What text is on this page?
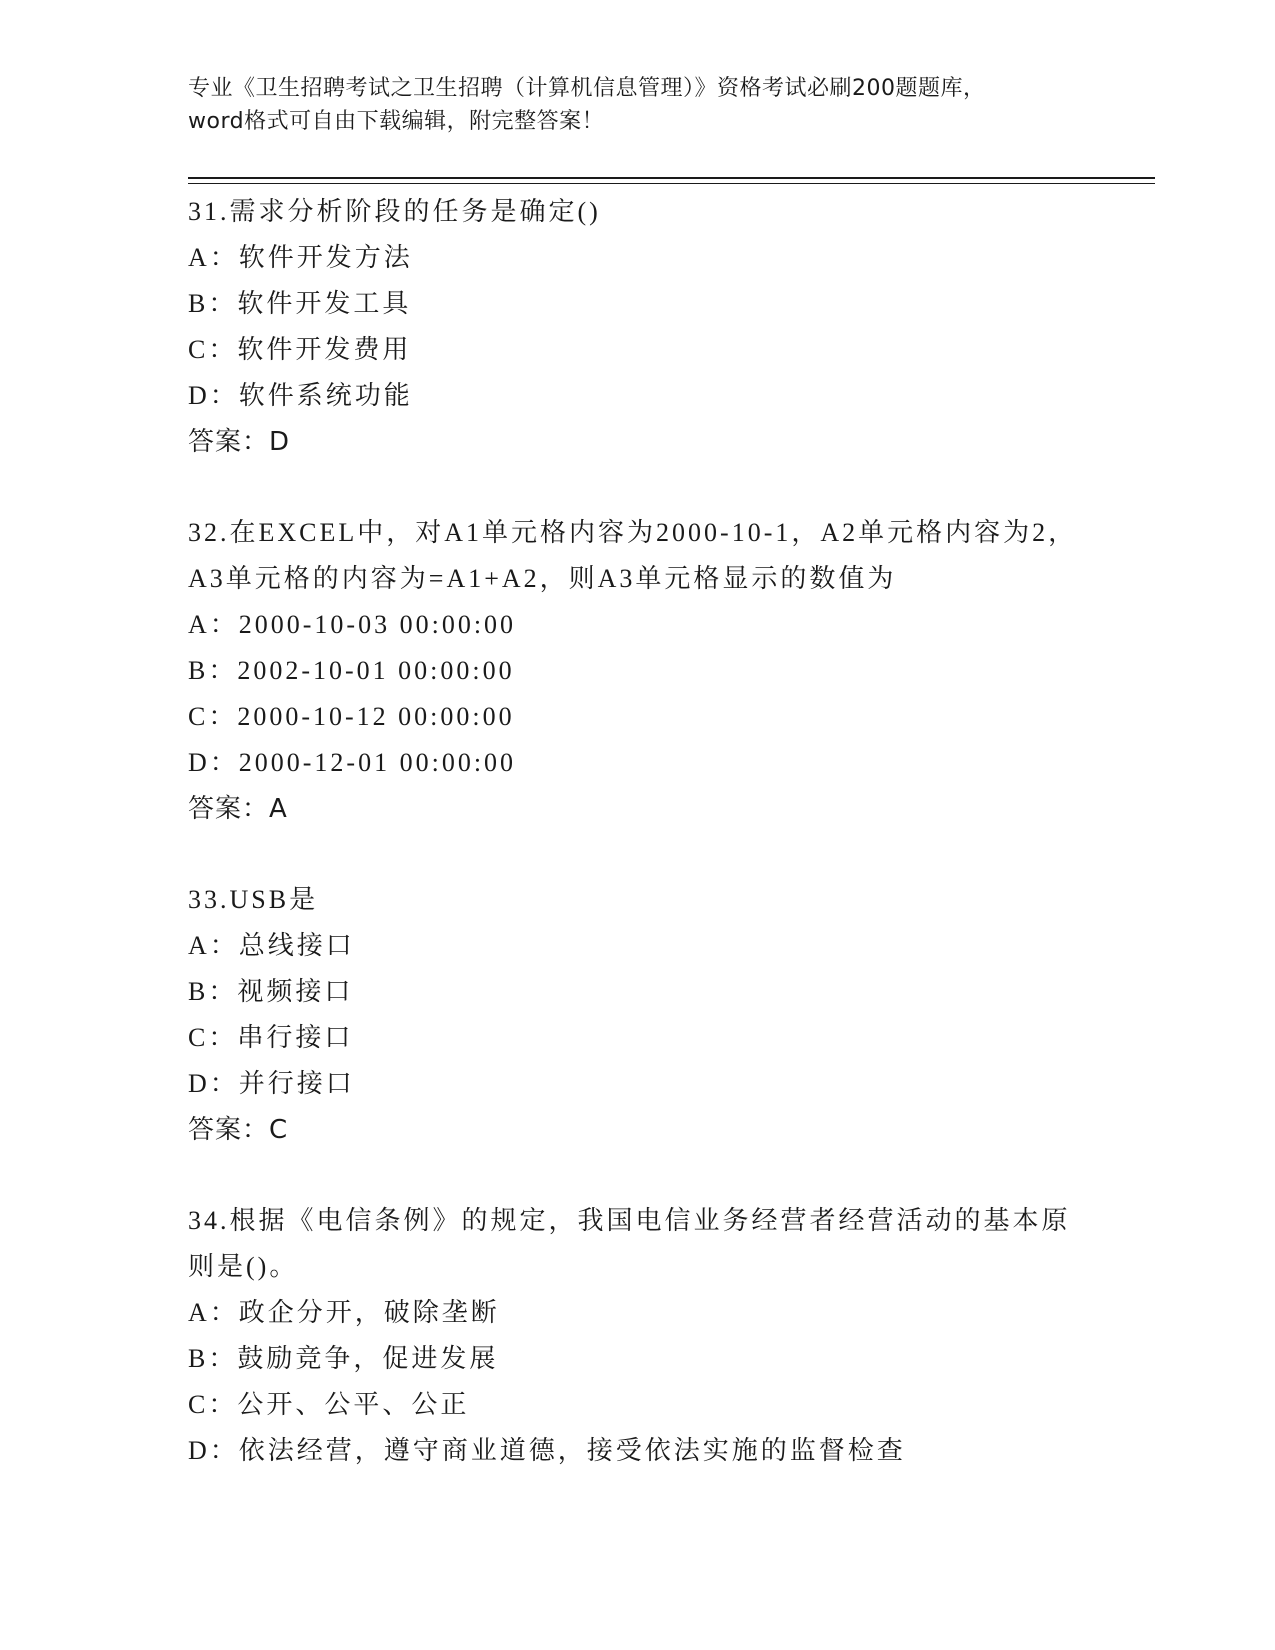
专业《卫生招聘考试之卫生招聘（计算机信息管理）》资格考试必刷200题题库，
word格式可自由下载编辑，附完整答案！
31.需求分析阶段的任务是确定()
A：软件开发方法
B：软件开发工具
C：软件开发费用
D：软件系统功能
答案：D
32.在EXCEL中，对A1单元格内容为2000-10-1，A2单元格内容为2，
A3单元格的内容为=A1+A2，则A3单元格显示的数值为
A：2000-10-03 00:00:00
B：2002-10-01 00:00:00
C：2000-10-12 00:00:00
D：2000-12-01 00:00:00
答案：A
33.USB是
A：总线接口
B：视频接口
C：串行接口
D：并行接口
答案：C
34.根据《电信条例》的规定，我国电信业务经营者经营活动的基本原
则是()。
A：政企分开，破除垄断
B：鼓励竞争，促进发展
C：公开、公平、公正
D：依法经营，遵守商业道德，接受依法实施的监督检查
